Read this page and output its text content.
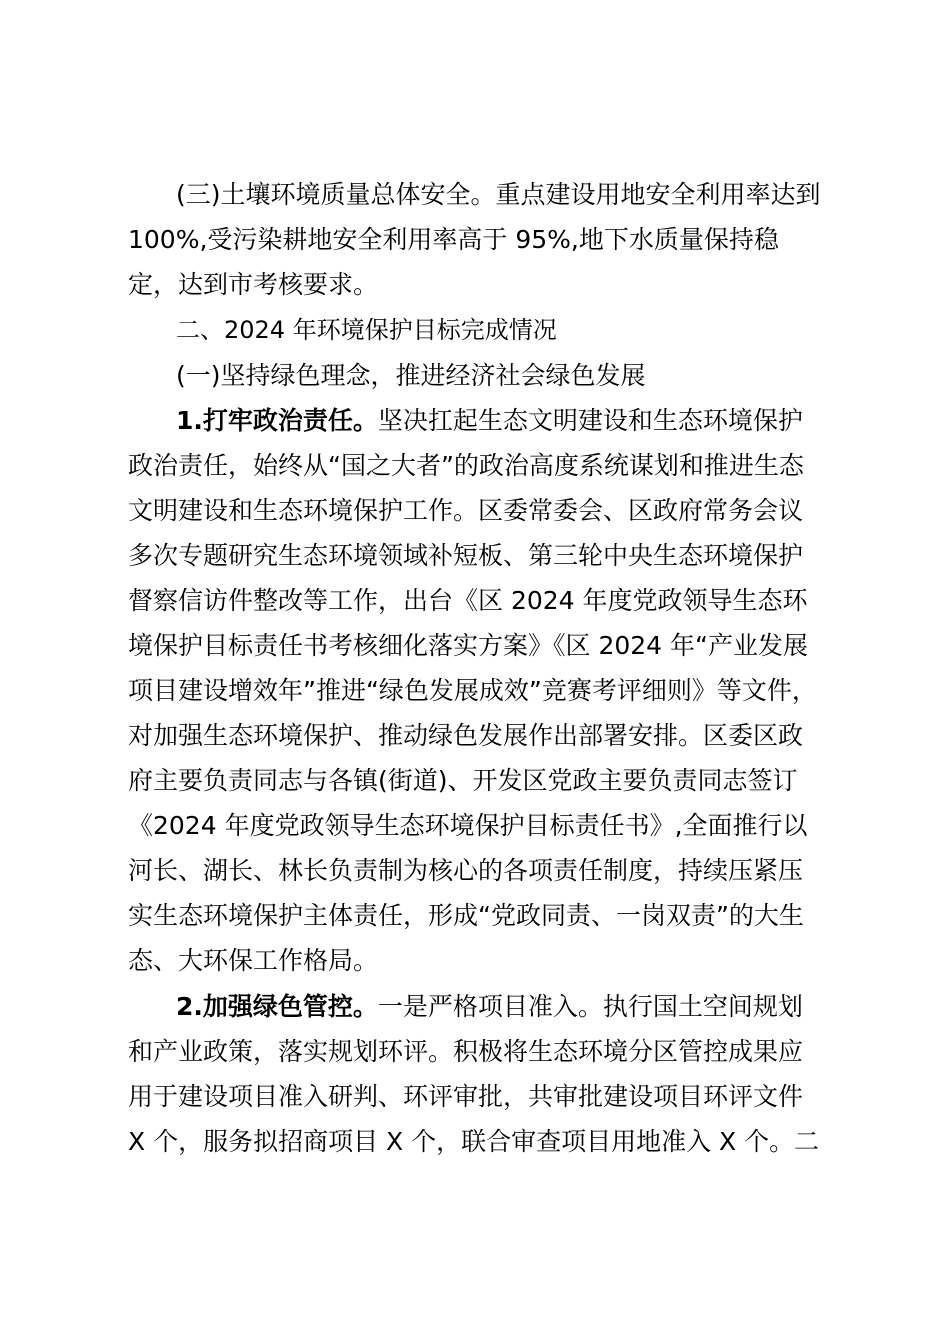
(三)土壤环境质量总体安全。重点建设用地安全利用率达到
100%,受污染耕地安全利用率高于 95%,地下水质量保持稳
定，达到市考核要求。
二、2024 年环境保护目标完成情况
(一)坚持绿色理念，推进经济社会绿色发展
1.打牢政治责任。坚决扛起生态文明建设和生态环境保护
政治责任，始终从“国之大者”的政治高度系统谋划和推进生态
文明建设和生态环境保护工作。区委常委会、区政府常务会议
多次专题研究生态环境领域补短板、第三轮中央生态环境保护
督察信访件整改等工作，出台《区 2024 年度党政领导生态环
境保护目标责任书考核细化落实方案》《区 2024 年“产业发展
项目建设增效年”推进“绿色发展成效”竞赛考评细则》等文件，
对加强生态环境保护、推动绿色发展作出部署安排。区委区政
府主要负责同志与各镇(街道)、开发区党政主要负责同志签订
《2024 年度党政领导生态环境保护目标责任书》,全面推行以
河长、湖长、林长负责制为核心的各项责任制度，持续压紧压
实生态环境保护主体责任，形成“党政同责、一岗双责”的大生
态、大环保工作格局。
2.加强绿色管控。一是严格项目准入。执行国土空间规划
和产业政策，落实规划环评。积极将生态环境分区管控成果应
用于建设项目准入研判、环评审批，共审批建设项目环评文件
X 个，服务拟招商项目 X 个，联合审查项目用地准入 X 个。二
